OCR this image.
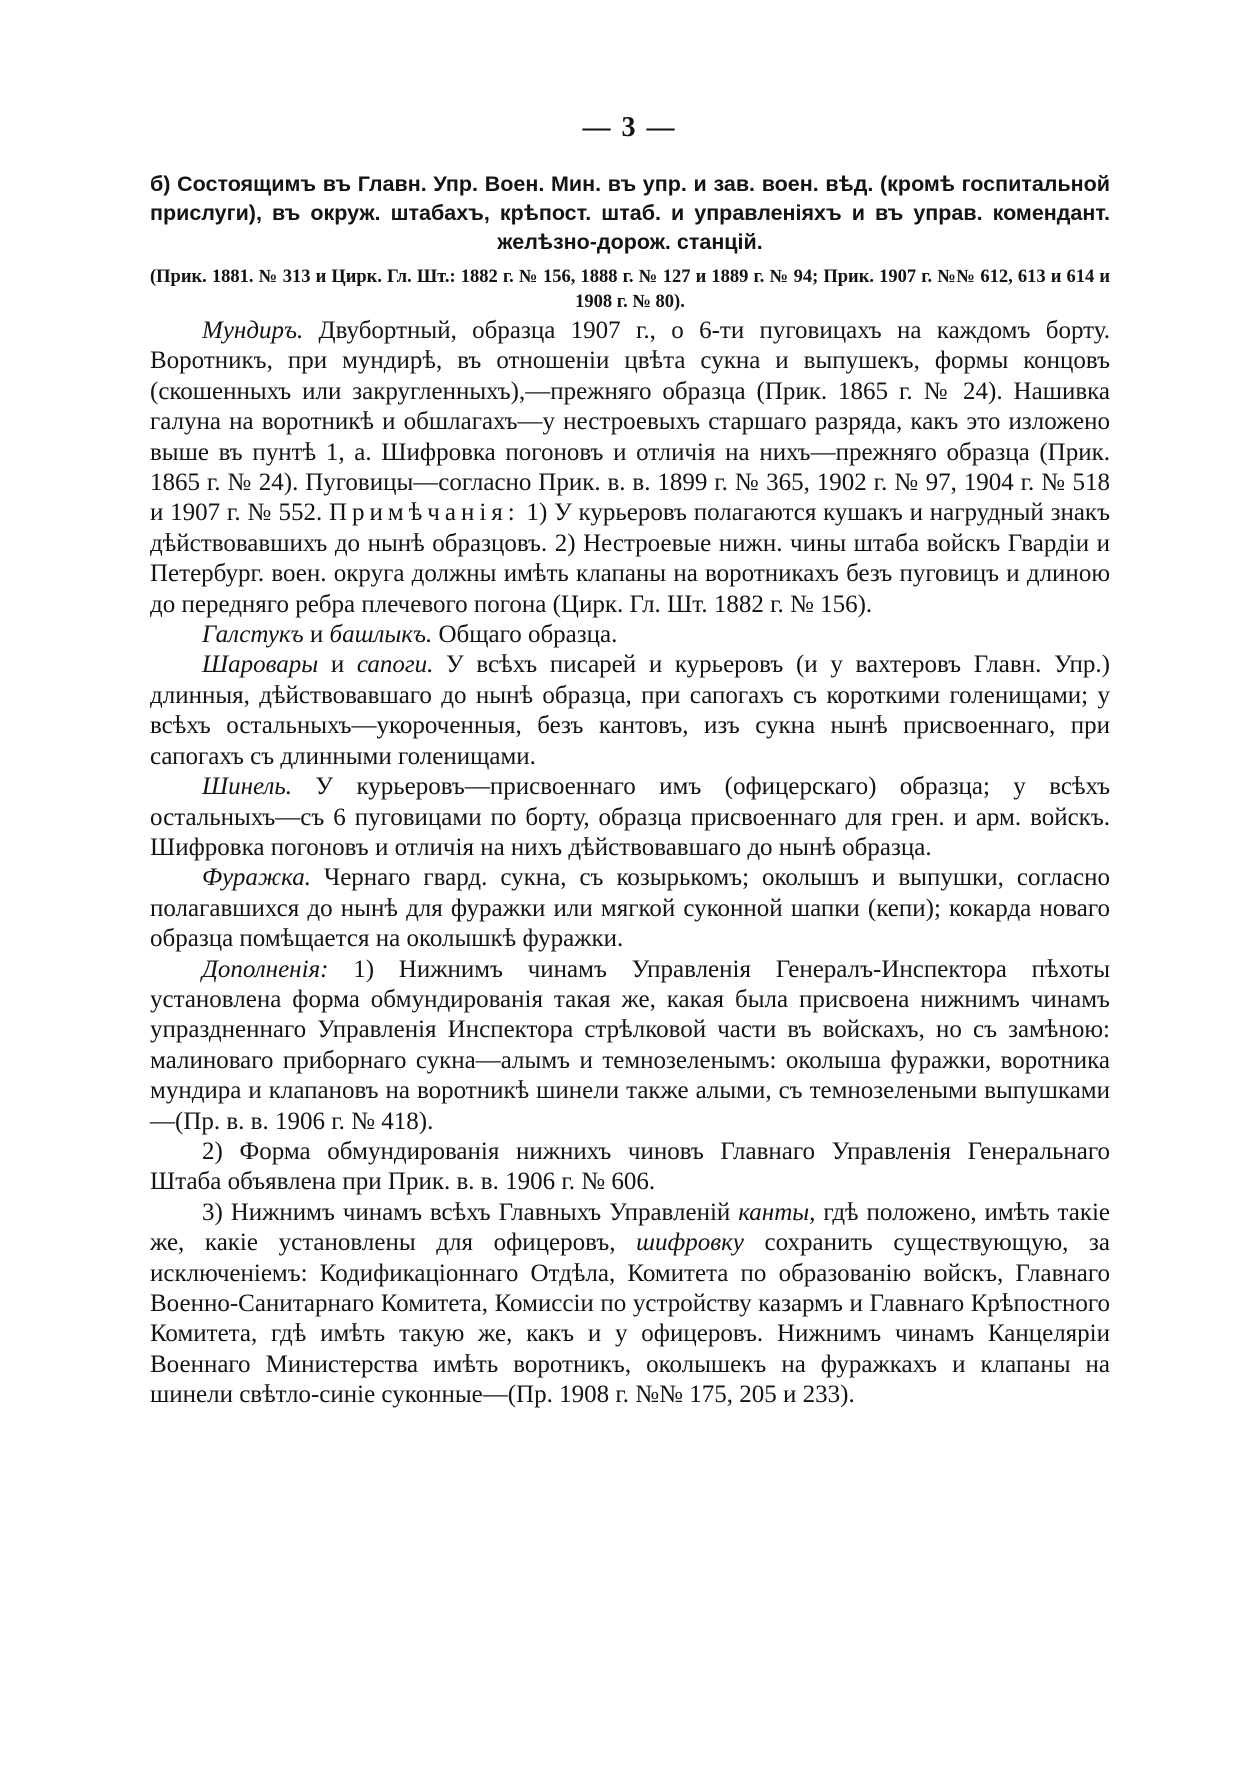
— 3 —
б) Состоящимъ въ Главн. Упр. Воен. Мин. въ упр. и зав. воен. вѣд. (кромѣ госпитальной прислуги), въ окруж. штабахъ, крѣпост. штаб. и управленіяхъ и въ управ. комендант. желѣзно-дорож. станцій.
(Прик. 1881. № 313 и Цирк. Гл. Шт.: 1882 г. № 156, 1888 г. № 127 и 1889 г. № 94; Прик. 1907 г. №№ 612, 613 и 614 и 1908 г. № 80).

Мундиръ. Двубортный, образца 1907 г., о 6-ти пуговицахъ на каждомъ борту. Воротникъ, при мундирѣ, въ отношеніи цвѣта сукна и выпушекъ, формы концовъ (скошенныхъ или закругленныхъ),—прежняго образца (Прик. 1865 г. № 24). Нашивка галуна на воротникѣ и обшлагахъ—у нестроевыхъ старшаго разряда, какъ это изложено выше въ пунтѣ 1, а. Шифровка погоновъ и отличія на нихъ—прежняго образца (Прик. 1865 г. № 24). Пуговицы—согласно Прик. в. в. 1899 г. № 365, 1902 г. № 97, 1904 г. № 518 и 1907 г. № 552. Примѣчанія: 1) У курьеровъ полагаются кушакъ и нагрудный знакъ дѣйствовавшихъ до нынѣ образцовъ. 2) Нестроевые нижн. чины штаба войскъ Гвардіи и Петербург. воен. округа должны имѣть клапаны на воротникахъ безъ пуговицъ и длиною до передняго ребра плечевого погона (Цирк. Гл. Шт. 1882 г. № 156).

Галстукъ и башлыкъ. Общаго образца.

Шаровары и сапоги. У всѣхъ писарей и курьеровъ (и у вахтеровъ Главн. Упр.) длинныя, дѣйствовавшаго до нынѣ образца, при сапогахъ съ короткими голенищами; у всѣхъ остальныхъ—укороченныя, безъ кантовъ, изъ сукна нынѣ присвоеннаго, при сапогахъ съ длинными голенищами.

Шинель. У курьеровъ—присвоеннаго имъ (офицерскаго) образца; у всѣхъ остальныхъ—съ 6 пуговицами по борту, образца присвоеннаго для грен. и арм. войскъ. Шифровка погоновъ и отличія на нихъ дѣйствовавшаго до нынѣ образца.

Фуражка. Чернаго гвард. сукна, съ козырькомъ; околышъ и выпушки, согласно полагавшихся до нынѣ для фуражки или мягкой суконной шапки (кепи); кокарда новаго образца помѣщается на околышкѣ фуражки.

Дополненія: 1) Нижнимъ чинамъ Управленія Генералъ-Инспектора пѣхоты установлена форма обмундированія такая же, какая была присвоена нижнимъ чинамъ упраздненнаго Управленія Инспектора стрѣлковой части въ войскахъ, но съ замѣною: малиноваго приборнаго сукна—алымъ и темнозеленымъ: околыша фуражки, воротника мундира и клапановъ на воротникѣ шинели также алыми, съ темнозелеными выпушками—(Пр. в. в. 1906 г. № 418).

2) Форма обмундированія нижнихъ чиновъ Главнаго Управленія Генеральнаго Штаба объявлена при Прик. в. в. 1906 г. № 606.

3) Нижнимъ чинамъ всѣхъ Главныхъ Управленій канты, гдѣ положено, имѣть такіе же, какіе установлены для офицеровъ, шифровку сохранить существующую, за исключеніемъ: Кодификаціоннаго Отдѣла, Комитета по образованію войскъ, Главнаго Военно-Санитарнаго Комитета, Комиссіи по устройству казармъ и Главнаго Крѣпостного Комитета, гдѣ имѣть такую же, какъ и у офицеровъ. Нижнимъ чинамъ Канцеляріи Военнаго Министерства имѣть воротникъ, околышекъ на фуражкахъ и клапаны на шинели свѣтло-синіе суконные—(Пр. 1908 г. №№ 175, 205 и 233).
